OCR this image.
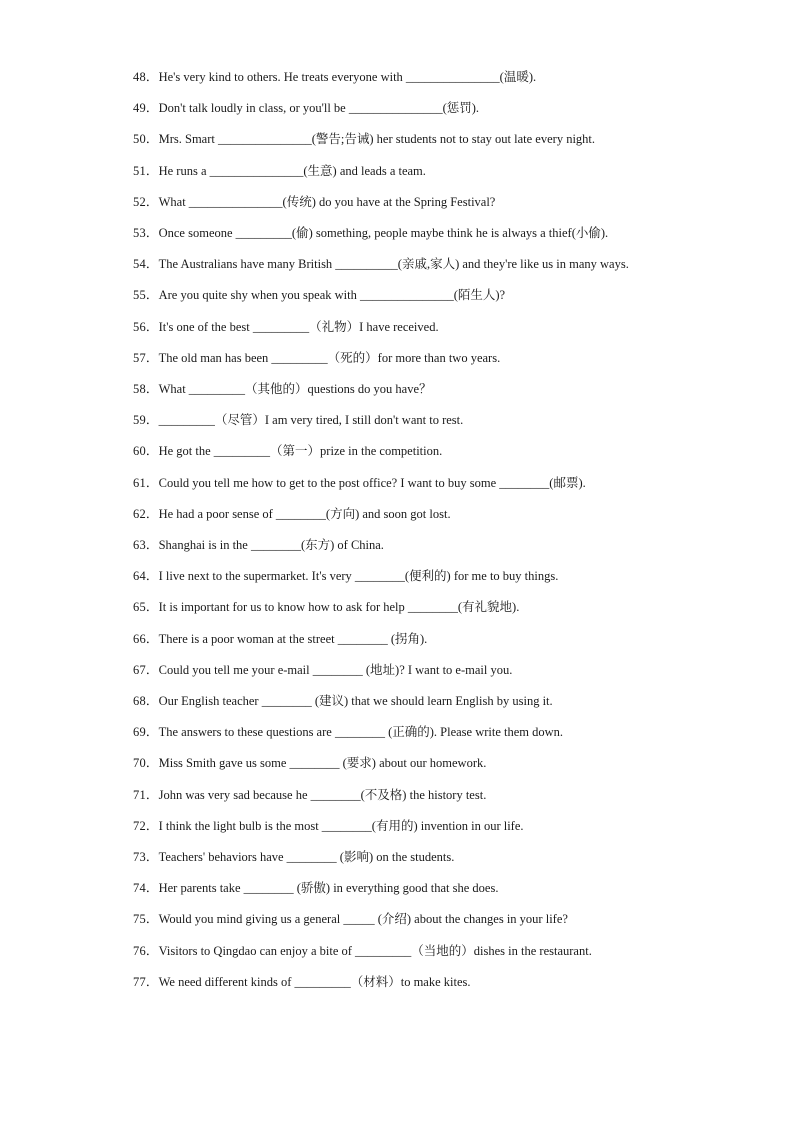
48．He's very kind to others. He treats everyone with _______________(温暖).
49．Don't talk loudly in class, or you'll be _______________(惩罚).
50．Mrs. Smart _______________(警告;告诫) her students not to stay out late every night.
51．He runs a _______________(生意) and leads a team.
52．What _______________(传统) do you have at the Spring Festival?
53．Once someone _________(偷) something, people maybe think he is always a thief(小偷).
54．The Australians have many British __________(亲戚,家人) and they're like us in many ways.
55．Are you quite shy when you speak with _______________(陌生人)?
56．It's one of the best _________（礼物）I have received.
57．The old man has been _________（死的）for more than two years.
58．What _________（其他的）questions do you have？
59．_________（尽管）I am very tired, I still don't want to rest.
60．He got the _________（第一）prize in the competition.
61．Could you tell me how to get to the post office? I want to buy some ________(邮票).
62．He had a poor sense of ________(方向) and soon got lost.
63．Shanghai is in the ________(东方) of China.
64．I live next to the supermarket. It's very ________(便利的) for me to buy things.
65．It is important for us to know how to ask for help ________(有礼貌地).
66．There is a poor woman at the street ________ (拐角).
67．Could you tell me your e-mail ________ (地址)? I want to e-mail you.
68．Our English teacher ________ (建议) that we should learn English by using it.
69．The answers to these questions are ________ (正确的). Please write them down.
70．Miss Smith gave us some ________ (要求) about our homework.
71．John was very sad because he ________(不及格) the history test.
72．I think the light bulb is the most ________(有用的) invention in our life.
73．Teachers' behaviors have ________ (影响) on the students.
74．Her parents take ________ (骄傲) in everything good that she does.
75．Would you mind giving us a general _____ (介绍) about the changes in your life?
76．Visitors to Qingdao can enjoy a bite of _________（当地的）dishes in the restaurant.
77．We need different kinds of _________（材料）to make kites.
